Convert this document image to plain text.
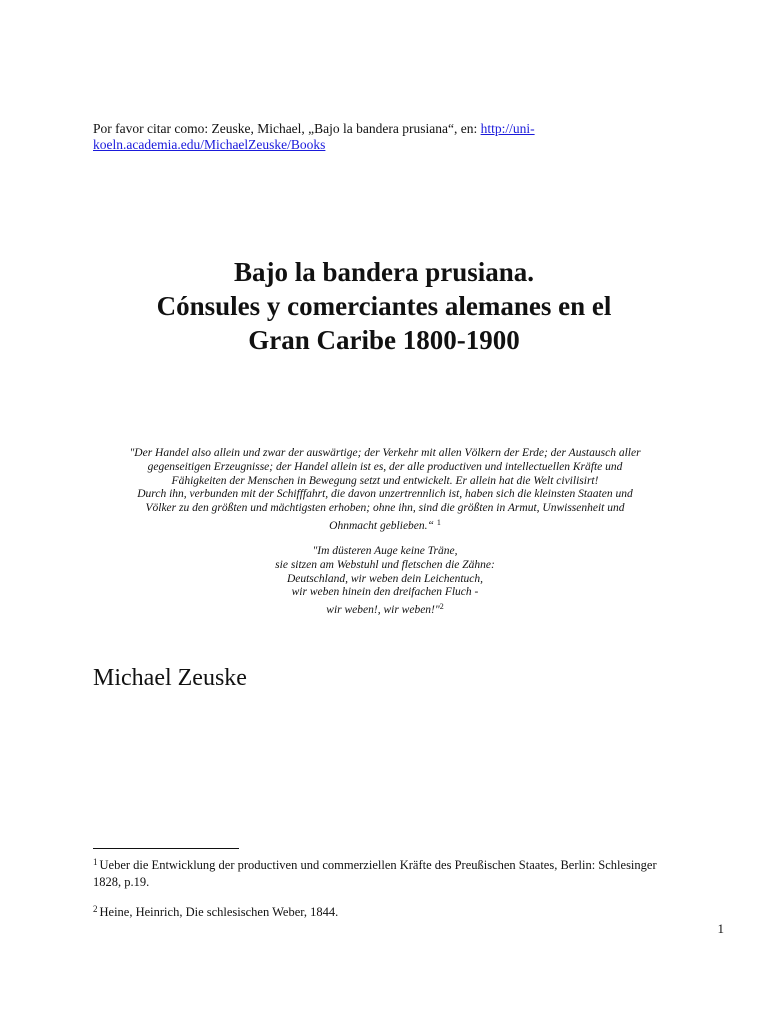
Por favor citar como: Zeuske, Michael, „Bajo la bandera prusiana“, en: http://uni-
koeln.academia.edu/MichaelZeuske/Books
Bajo la bandera prusiana.
Cónsules y comerciantes alemanes en el
Gran Caribe 1800-1900
"Der Handel also allein und zwar der auswärtige; der Verkehr mit allen Völkern der Erde; der Austausch aller
gegenseitigen Erzeugnisse; der Handel allein ist es, der alle productiven und intellectuellen Kräfte und
Fähigkeiten der Menschen in Bewegung setzt und entwickelt. Er allein hat die Welt civilisirt!
Durch ihn, verbunden mit der Schifffahrt, die davon unzertrennlich ist, haben sich die kleinsten Staaten und
Völker zu den größten und mächtigsten erhoben; ohne ihn, sind die größten in Armut, Unwissenheit und
Ohnmacht geblieben.“ $^1$
"Im düsteren Auge keine Träne,
sie sitzen am Webstuhl und fletschen die Zähne:
Deutschland, wir weben dein Leichentuch,
wir weben hinein den dreifachen Fluch -
wir weben!, wir weben!"$^2$
Michael Zeuske
$^1$ Ueber die Entwicklung der productiven und commerziellen Kräfte des Preußischen Staates, Berlin: Schlesinger
1828, p.19.
$^2$ Heine, Heinrich, Die schlesischen Weber, 1844.
1
